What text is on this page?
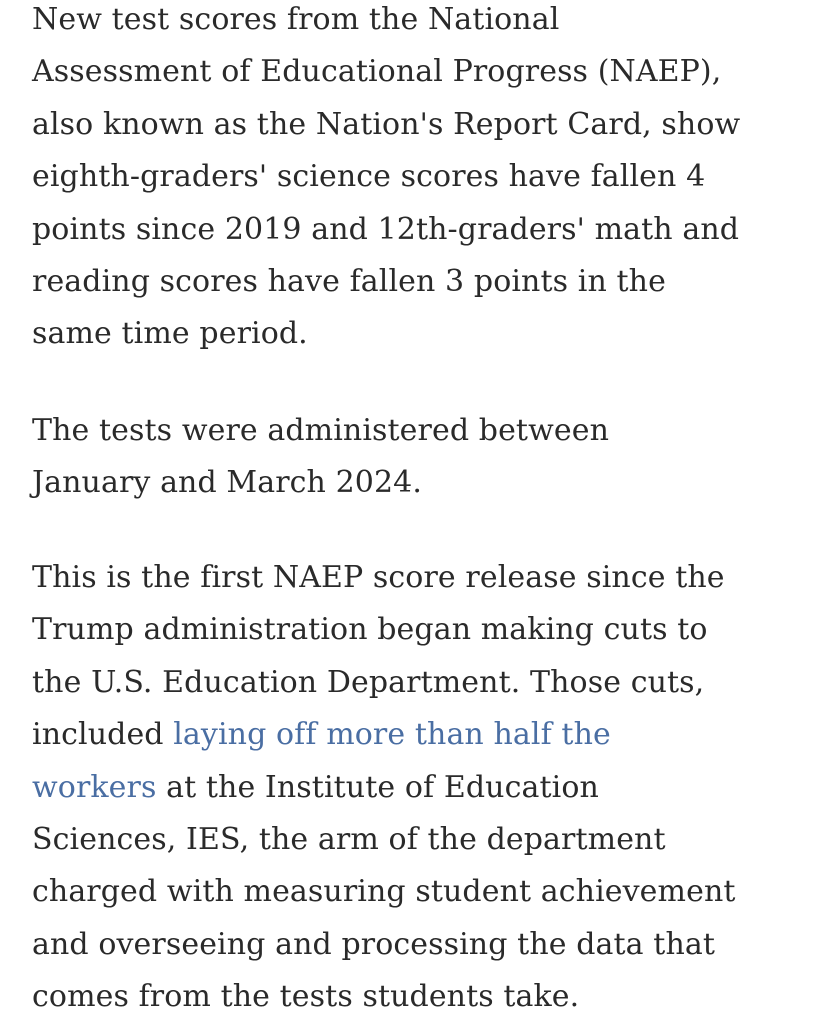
New test scores from the National
Assessment of Educational Progress (NAEP),
also known as the Nation's Report Card, show
eighth-graders' science scores have fallen 4
points since 2019 and 12th-graders' math and
reading scores have fallen 3 points in the
same time period.

The tests were administered between
January and March 2024.

This is the first NAEP score release since the
Trump administration began making cuts to
the U.S. Education Department. Those cuts,
included laying off more than half the
workers at the Institute of Education
Sciences, IES, the arm of the department
charged with measuring student achievement
and overseeing and processing the data that
comes from the tests students take.
